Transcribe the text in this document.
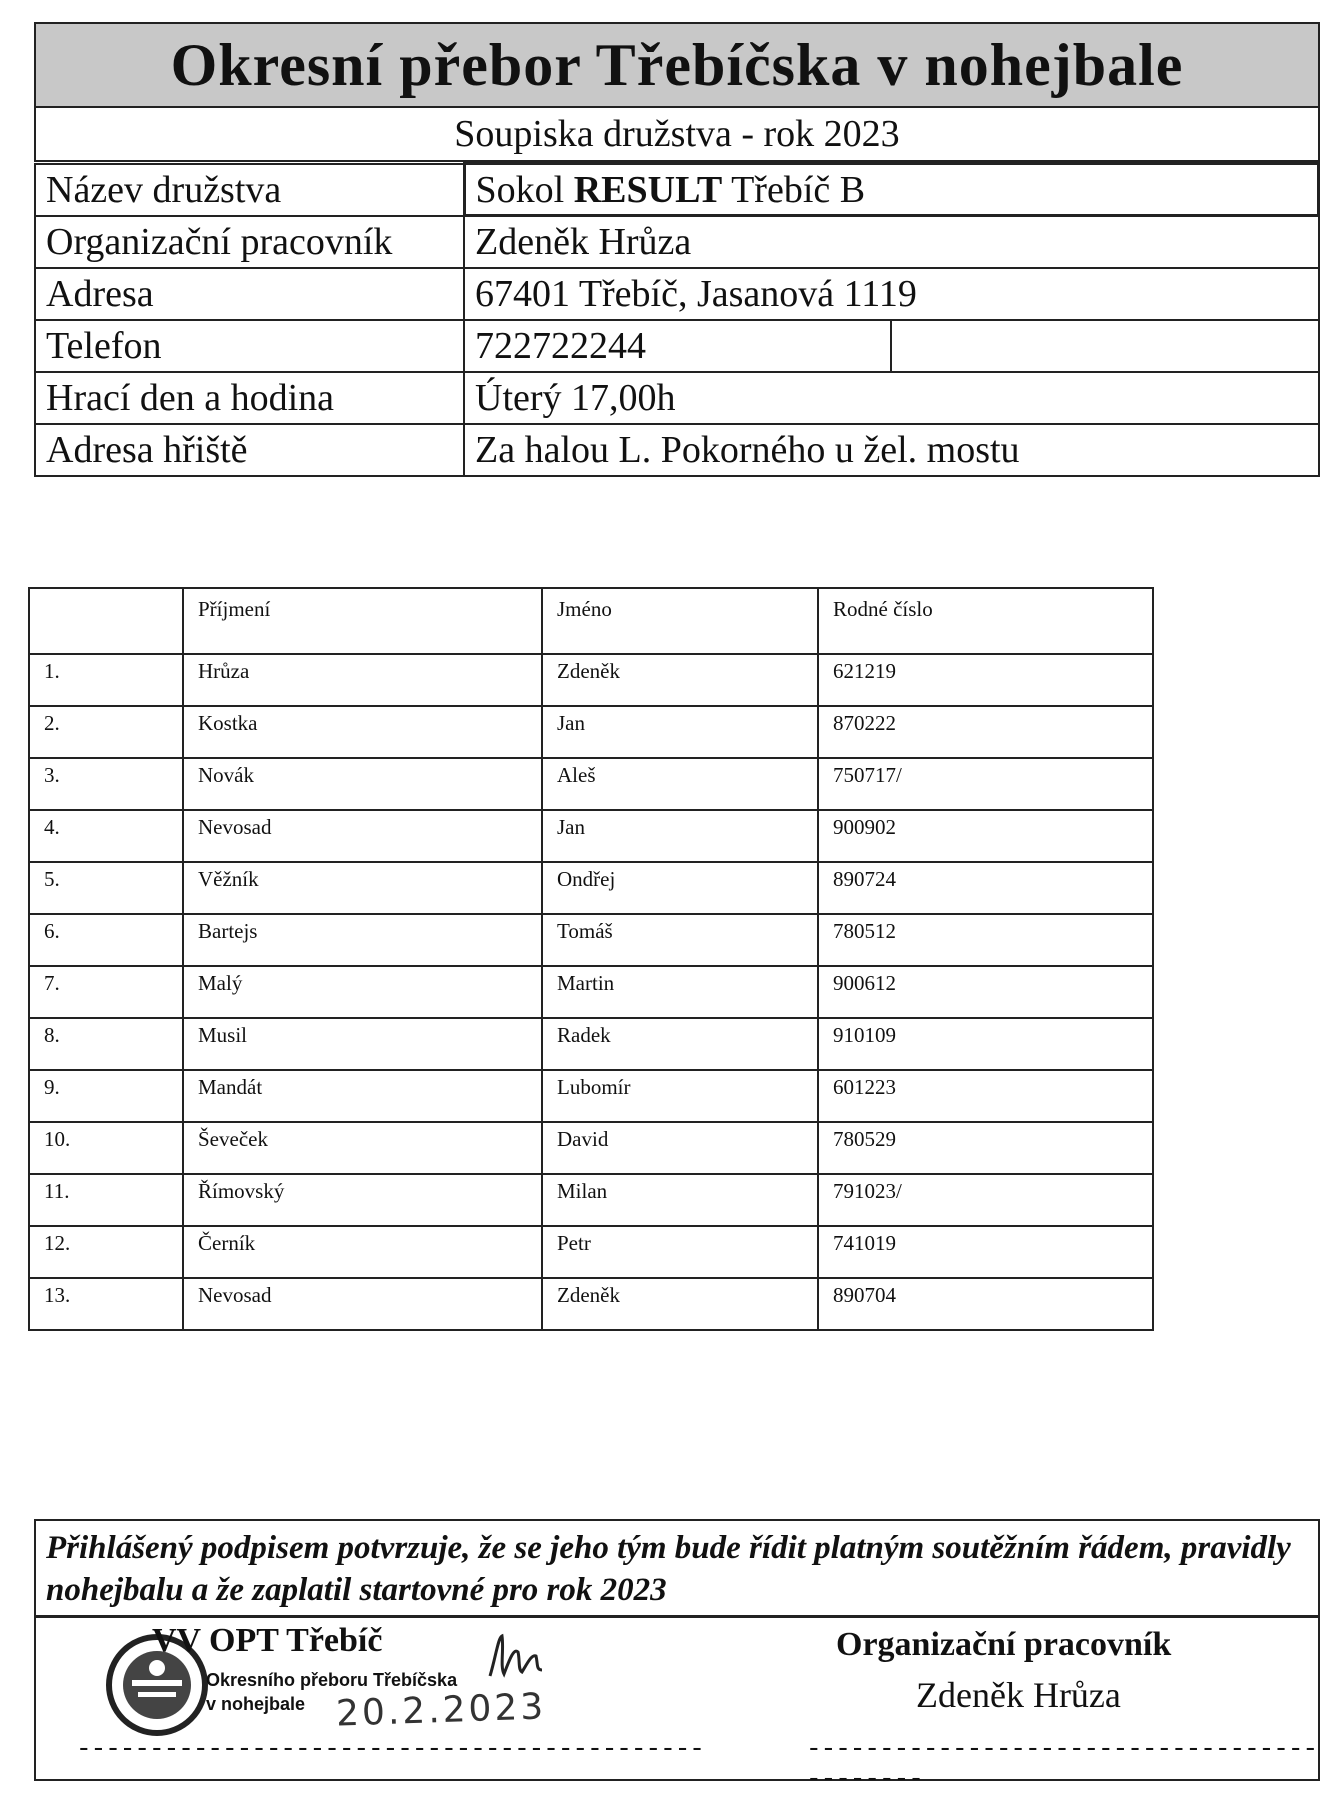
Okresní přebor Třebíčska v nohejbale
Soupiska družstva - rok 2023
Název družstva	Sokol RESULT Třebíč B	
Organizační pracovník	Zdeněk Hrůza	
Adresa	67401 Třebíč, Jasanová 1119	
Telefon	722722244	
Hrací den a hodina	Úterý 17,00h	
Adresa hřiště	Za halou L. Pokorného u žel. mostu	
	Příjmení	Jméno	Rodné číslo
1.	Hrůza	Zdeněk	621219
2.	Kostka	Jan	870222
3.	Novák	Aleš	750717/
4.	Nevosad	Jan	900902
5.	Věžník	Ondřej	890724
6.	Bartejs	Tomáš	780512
7.	Malý	Martin	900612
8.	Musil	Radek	910109
9.	Mandát	Lubomír	601223
10.	Ševeček	David	780529
11.	Římovský	Milan	791023/
12.	Černík	Petr	741019
13.	Nevosad	Zdeněk	890704
Přihlášený podpisem potvrzuje, že se jeho tým bude řídit platným soutěžním řádem, pravidly nohejbalu a že zaplatil startovné pro rok 2023
VV OPT Třebíč
Okresního přeboru Třebíčska
v nohejbale 20.2.2023
-------------------------------------------
Organizační pracovník
Zdeněk Hrůza
-------------------------------------------
